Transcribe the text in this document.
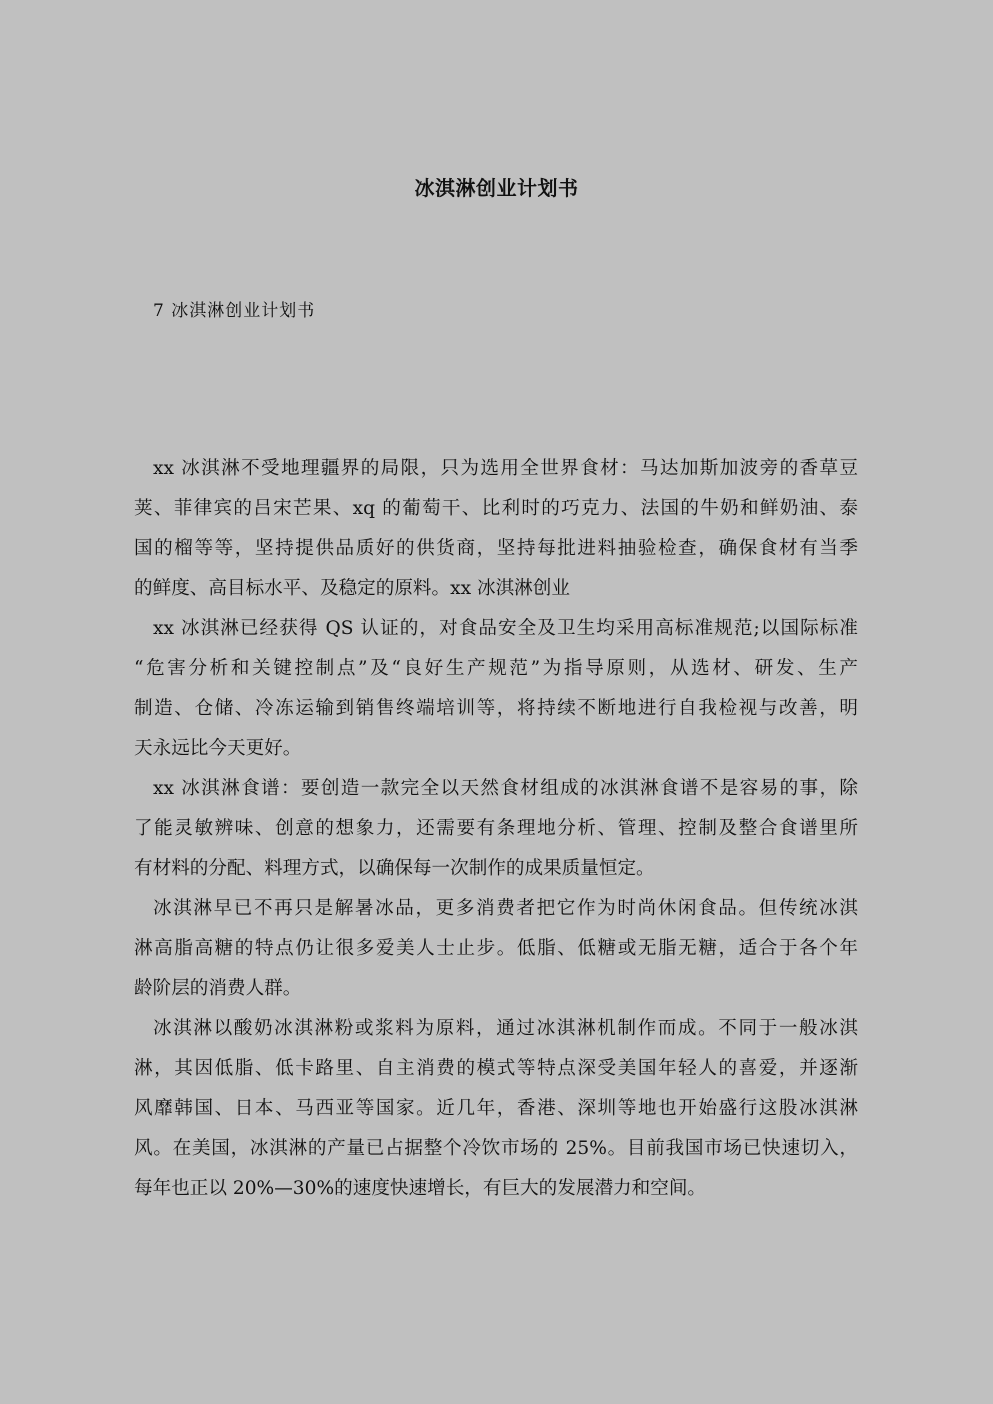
冰淇淋创业计划书
7 冰淇淋创业计划书
xx 冰淇淋不受地理疆界的局限，只为选用全世界食材：马达加斯加波旁的香草豆
荚、菲律宾的吕宋芒果、xq 的葡萄干、比利时的巧克力、法国的牛奶和鲜奶油、泰
国的榴等等，坚持提供品质好的供货商，坚持每批进料抽验检查，确保食材有当季
的鲜度、高目标水平、及稳定的原料。xx 冰淇淋创业
xx 冰淇淋已经获得 QS 认证的，对食品安全及卫生均采用高标准规范;以国际标准
“危害分析和关键控制点”及“良好生产规范”为指导原则，从选材、研发、生产
制造、仓储、冷冻运输到销售终端培训等，将持续不断地进行自我检视与改善，明
天永远比今天更好。
xx 冰淇淋食谱：要创造一款完全以天然食材组成的冰淇淋食谱不是容易的事，除
了能灵敏辨味、创意的想象力，还需要有条理地分析、管理、控制及整合食谱里所
有材料的分配、料理方式，以确保每一次制作的成果质量恒定。
冰淇淋早已不再只是解暑冰品，更多消费者把它作为时尚休闲食品。但传统冰淇
淋高脂高糖的特点仍让很多爱美人士止步。低脂、低糖或无脂无糖，适合于各个年
龄阶层的消费人群。
冰淇淋以酸奶冰淇淋粉或浆料为原料，通过冰淇淋机制作而成。不同于一般冰淇
淋，其因低脂、低卡路里、自主消费的模式等特点深受美国年轻人的喜爱，并逐渐
风靡韩国、日本、马西亚等国家。近几年，香港、深圳等地也开始盛行这股冰淇淋
风。在美国，冰淇淋的产量已占据整个冷饮市场的 25%。目前我国市场已快速切入，
每年也正以 20%—30%的速度快速增长，有巨大的发展潜力和空间。
